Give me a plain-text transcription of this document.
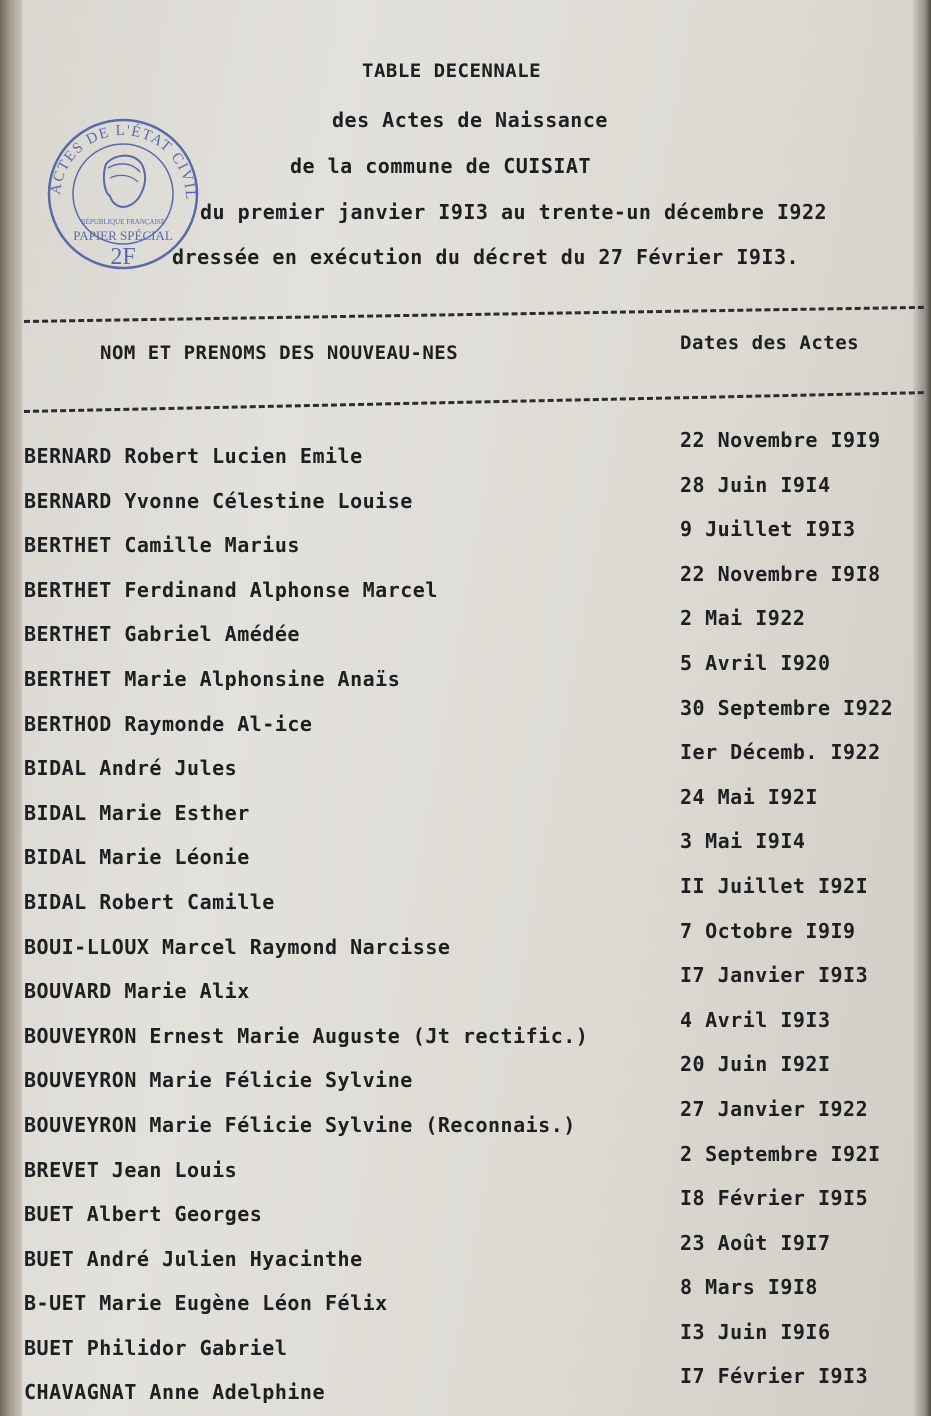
ACTES DE L'ÉTAT CIVIL
RÉPUBLIQUE FRANÇAISE
PAPIER SPÉCIAL
2F
TABLE DECENNALE
des Actes de Naissance
de la commune de CUISIAT
du premier janvier I9I3 au trente-un décembre I922
dressée en exécution du décret du 27 Février I9I3.
NOM ET PRENOMS DES NOUVEAU-NES	Dates des Actes
BERNARD Robert Lucien Emile
22 Novembre I9I9
BERNARD Yvonne Célestine Louise
28 Juin I9I4
BERTHET Camille Marius
9 Juillet I9I3
BERTHET Ferdinand Alphonse Marcel
22 Novembre I9I8
BERTHET Gabriel Amédée
2 Mai I922
BERTHET Marie Alphonsine Anaïs
5 Avril I920
BERTHOD Raymonde Al-ice
30 Septembre I922
BIDAL André Jules
Ier Décemb. I922
BIDAL Marie Esther
24 Mai I92I
BIDAL Marie Léonie
3 Mai I9I4
BIDAL Robert Camille
II Juillet I92I
BOUI-LLOUX Marcel Raymond Narcisse
7 Octobre I9I9
BOUVARD Marie Alix
I7 Janvier I9I3
BOUVEYRON Ernest Marie Auguste (Jt rectific.)
4 Avril I9I3
BOUVEYRON Marie Félicie Sylvine
20 Juin I92I
BOUVEYRON Marie Félicie Sylvine (Reconnais.)
27 Janvier I922
BREVET Jean Louis
2 Septembre I92I
BUET Albert Georges
I8 Février I9I5
BUET André Julien Hyacinthe
23 Août I9I7
B-UET Marie Eugène Léon Félix
8 Mars I9I8
BUET Philidor Gabriel
I3 Juin I9I6
CHAVAGNAT Anne Adelphine
I7 Février I9I3
